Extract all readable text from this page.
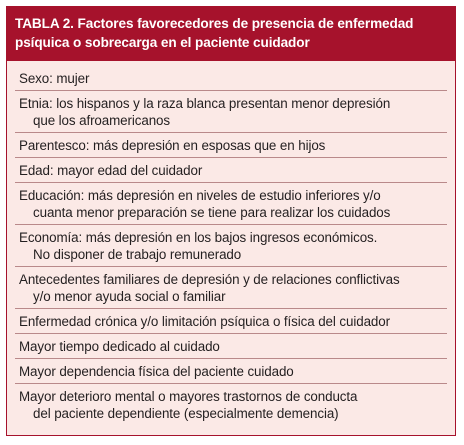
TABLA 2. Factores favorecedores de presencia de enfermedad
psíquica o sobrecarga en el paciente cuidador
Sexo: mujer
Etnia: los hispanos y la raza blanca presentan menor depresión
que los afroamericanos
Parentesco: más depresión en esposas que en hijos
Edad: mayor edad del cuidador
Educación: más depresión en niveles de estudio inferiores y/o
cuanta menor preparación se tiene para realizar los cuidados
Economía: más depresión en los bajos ingresos económicos.
No disponer de trabajo remunerado
Antecedentes familiares de depresión y de relaciones conflictivas
y/o menor ayuda social o familiar
Enfermedad crónica y/o limitación psíquica o física del cuidador
Mayor tiempo dedicado al cuidado
Mayor dependencia física del paciente cuidado
Mayor deterioro mental o mayores trastornos de conducta
del paciente dependiente (especialmente demencia)
